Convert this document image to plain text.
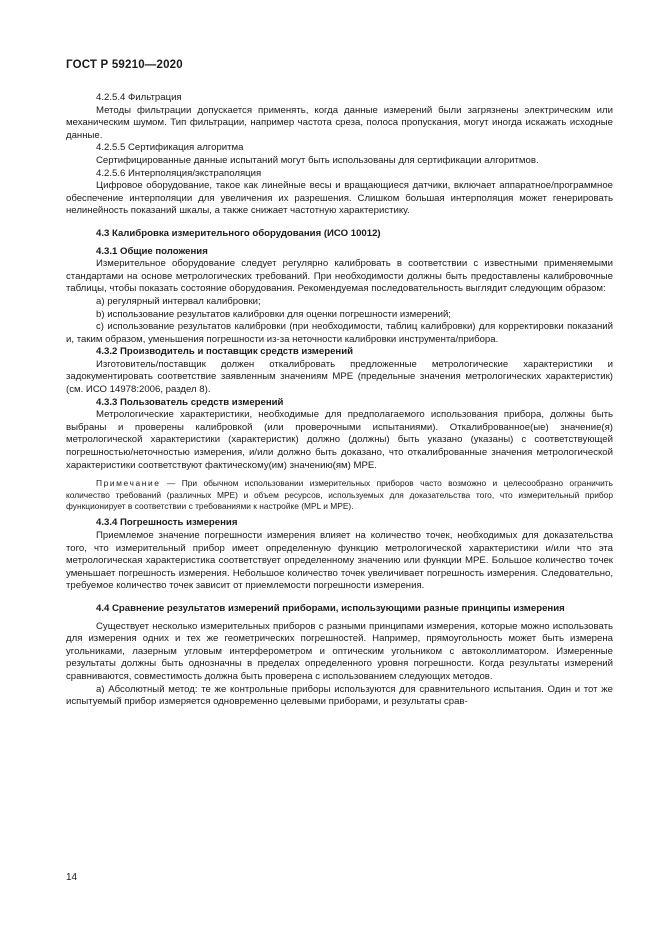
ГОСТ Р 59210—2020

4.2.5.4 Фильтрация

Методы фильтрации допускается применять, когда данные измерений были загрязнены электрическим или механическим шумом. Тип фильтрации, например частота среза, полоса пропускания, могут иногда искажать исходные данные.

4.2.5.5 Сертификация алгоритма

Сертифицированные данные испытаний могут быть использованы для сертификации алгоритмов.

4.2.5.6 Интерполяция/экстраполяция

Цифровое оборудование, такое как линейные весы и вращающиеся датчики, включает аппаратное/программное обеспечение интерполяции для увеличения их разрешения. Слишком большая интерполяция может генерировать нелинейность показаний шкалы, а также снижает частотную характеристику.

4.3 Калибровка измерительного оборудования (ИСО 10012)

4.3.1 Общие положения

Измерительное оборудование следует регулярно калибровать в соответствии с известными применяемыми стандартами на основе метрологических требований. При необходимости должны быть предоставлены калибровочные таблицы, чтобы показать состояние оборудования. Рекомендуемая последовательность выглядит следующим образом:

a) регулярный интервал калибровки;

b) использование результатов калибровки для оценки погрешности измерений;

c) использование результатов калибровки (при необходимости, таблиц калибровки) для корректировки показаний и, таким образом, уменьшения погрешности из-за неточности калибровки инструмента/прибора.

4.3.2 Производитель и поставщик средств измерений

Изготовитель/поставщик должен откалибровать предложенные метрологические характеристики и задокументировать соответствие заявленным значениям МРЕ (предельные значения метрологических характеристик) (см. ИСО 14978:2006, раздел 8).

4.3.3 Пользователь средств измерений

Метрологические характеристики, необходимые для предполагаемого использования прибора, должны быть выбраны и проверены калибровкой (или проверочными испытаниями). Откалиброванное(ые) значение(я) метрологической характеристики (характеристик) должно (должны) быть указано (указаны) с соответствующей погрешностью/неточностью измерения, и/или должно быть доказано, что откалиброванные значения метрологической характеристики соответствуют фактическому(им) значению(ям) МРЕ.

Примечание — При обычном использовании измерительных приборов часто возможно и целесообразно ограничить количество требований (различных МРЕ) и объем ресурсов, используемых для доказательства того, что измерительный прибор функционирует в соответствии с требованиями к настройке (MPL и МРЕ).

4.3.4 Погрешность измерения

Приемлемое значение погрешности измерения влияет на количество точек, необходимых для доказательства того, что измерительный прибор имеет определенную функцию метрологической характеристики и/или что эта метрологическая характеристика соответствует определенному значению или функции МРЕ. Большое количество точек уменьшает погрешность измерения. Небольшое количество точек увеличивает погрешность измерения. Следовательно, требуемое количество точек зависит от приемлемости погрешности измерения.

4.4 Сравнение результатов измерений приборами, использующими разные принципы измерения

Существует несколько измерительных приборов с разными принципами измерения, которые можно использовать для измерения одних и тех же геометрических погрешностей. Например, прямоугольность может быть измерена угольниками, лазерным угловым интерферометром и оптическим угольником с автоколлиматором. Измеренные результаты должны быть однозначны в пределах определенного уровня погрешности. Когда результаты измерений сравниваются, совместимость должна быть проверена с использованием следующих методов.

а) Абсолютный метод: те же контрольные приборы используются для сравнительного испытания. Один и тот же испытуемый прибор измеряется одновременно целевыми приборами, и результаты срав-

14
